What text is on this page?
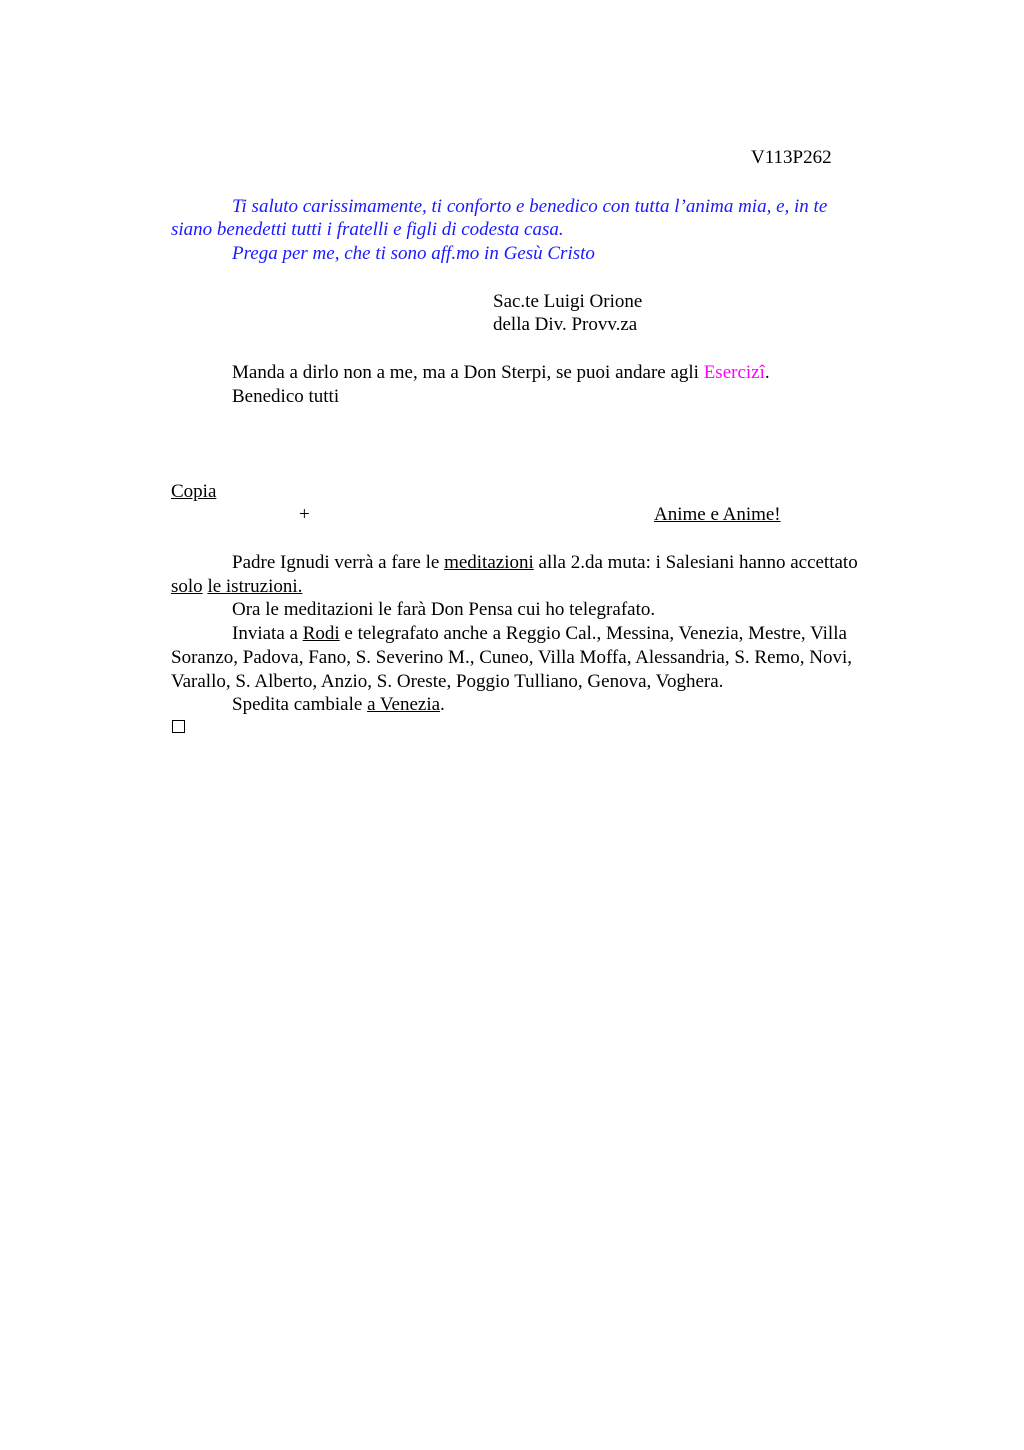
V113P262
Ti saluto carissimamente, ti conforto e benedico con tutta l’anima mia, e, in te
siano benedetti tutti i fratelli e figli di codesta casa.
Prega per me, che ti sono aff.mo in Gesù Cristo
Sac.te Luigi Orione
della Div. Provv.za
Manda a dirlo non a me, ma a Don Sterpi, se puoi andare agli Esercizî.
Benedico tutti
Copia
+	Anime e Anime!
Padre Ignudi verrà a fare le meditazioni alla 2.da muta: i Salesiani hanno accettato
solo le istruzioni.
Ora le meditazioni le farà Don Pensa cui ho telegrafato.
Inviata a Rodi e telegrafato anche a Reggio Cal., Messina, Venezia, Mestre, Villa
Soranzo, Padova, Fano, S. Severino M., Cuneo, Villa Moffa, Alessandria, S. Remo, Novi,
Varallo, S. Alberto, Anzio, S. Oreste, Poggio Tulliano, Genova, Voghera.
Spedita cambiale a Venezia.
